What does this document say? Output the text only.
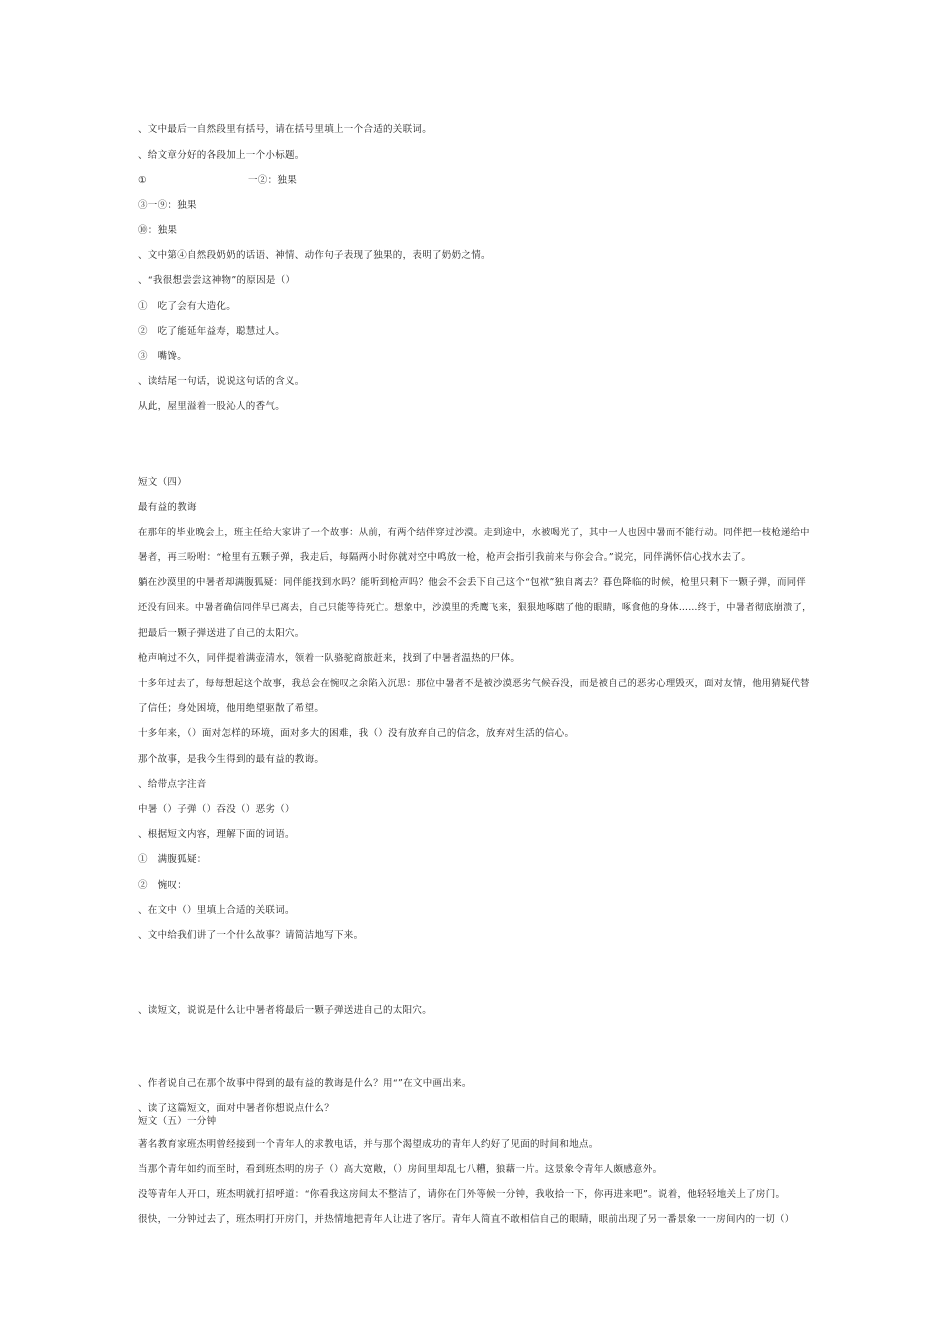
、文中最后一自然段里有括号，请在括号里填上一个合适的关联词。
、给文章分好的各段加上一个小标题。
①	一②：独果
③一⑨：独果
⑩：独果
、文中第④自然段奶奶的话语、神情、动作句子表现了独果的，表明了奶奶之情。
、“我很想尝尝这神物”的原因是（）
①　吃了会有大造化。
②　吃了能延年益寿，聪慧过人。
③　嘴馋。
、读结尾一句话，说说这句话的含义。
从此，屋里溢着一股沁人的香气。
短文（四）
最有益的教诲
在那年的毕业晚会上，班主任给大家讲了一个故事：从前，有两个结伴穿过沙漠。走到途中，水被喝光了，其中一人也因中暑而不能行动。同伴把一枝枪递给中
暑者，再三吩咐：“枪里有五颗子弹，我走后，每隔两小时你就对空中鸣放一枪，枪声会指引我前来与你会合。”说完，同伴满怀信心找水去了。
躺在沙漠里的中暑者却满腹狐疑：同伴能找到水吗？能听到枪声吗？他会不会丢下自己这个“包袱”独自离去？暮色降临的时候，枪里只剩下一颗子弹，而同伴
还没有回来。中暑者确信同伴早已离去，自己只能等待死亡。想象中，沙漠里的秃鹰飞来，狠狠地啄瞎了他的眼睛，啄食他的身体……终于，中暑者彻底崩溃了，
把最后一颗子弹送进了自己的太阳穴。
枪声响过不久，同伴提着满壶清水，领着一队骆驼商旅赶来，找到了中暑者温热的尸体。
十多年过去了，每每想起这个故事，我总会在惋叹之余陷入沉思：那位中暑者不是被沙漠恶劣气候吞没，而是被自己的恶劣心理毁灭，面对友情，他用猜疑代替
了信任；身处困境，他用绝望驱散了希望。
十多年来，（）面对怎样的环境，面对多大的困难，我（）没有放弃自己的信念，放弃对生活的信心。
那个故事，是我今生得到的最有益的教诲。
、给带点字注音
中暑（）子弹（）吞没（）恶劣（）
、根据短文内容，理解下面的词语。
①　满腹狐疑：
②　惋叹：
、在文中（）里填上合适的关联词。
、文中给我们讲了一个什么故事？请简洁地写下来。
、读短文，说说是什么让中暑者将最后一颗子弹送进自己的太阳穴。
、作者说自己在那个故事中得到的最有益的教诲是什么？用“”在文中画出来。
、读了这篇短文，面对中暑者你想说点什么？
短文（五）一分钟
著名教育家班杰明曾经接到一个青年人的求教电话，并与那个渴望成功的青年人约好了见面的时间和地点。
当那个青年如约而至时，看到班杰明的房子（）高大宽敞，（）房间里却乱七八糟，狼藉一片。这景象令青年人颇感意外。
没等青年人开口，班杰明就打招呼道：“你看我这房间太不整洁了，请你在门外等候一分钟，我收拾一下，你再进来吧”。说着，他轻轻地关上了房门。
很快，一分钟过去了，班杰明打开房门，并热情地把青年人让进了客厅。青年人简直不敢相信自己的眼睛，眼前出现了另一番景象一一房间内的一切（）
